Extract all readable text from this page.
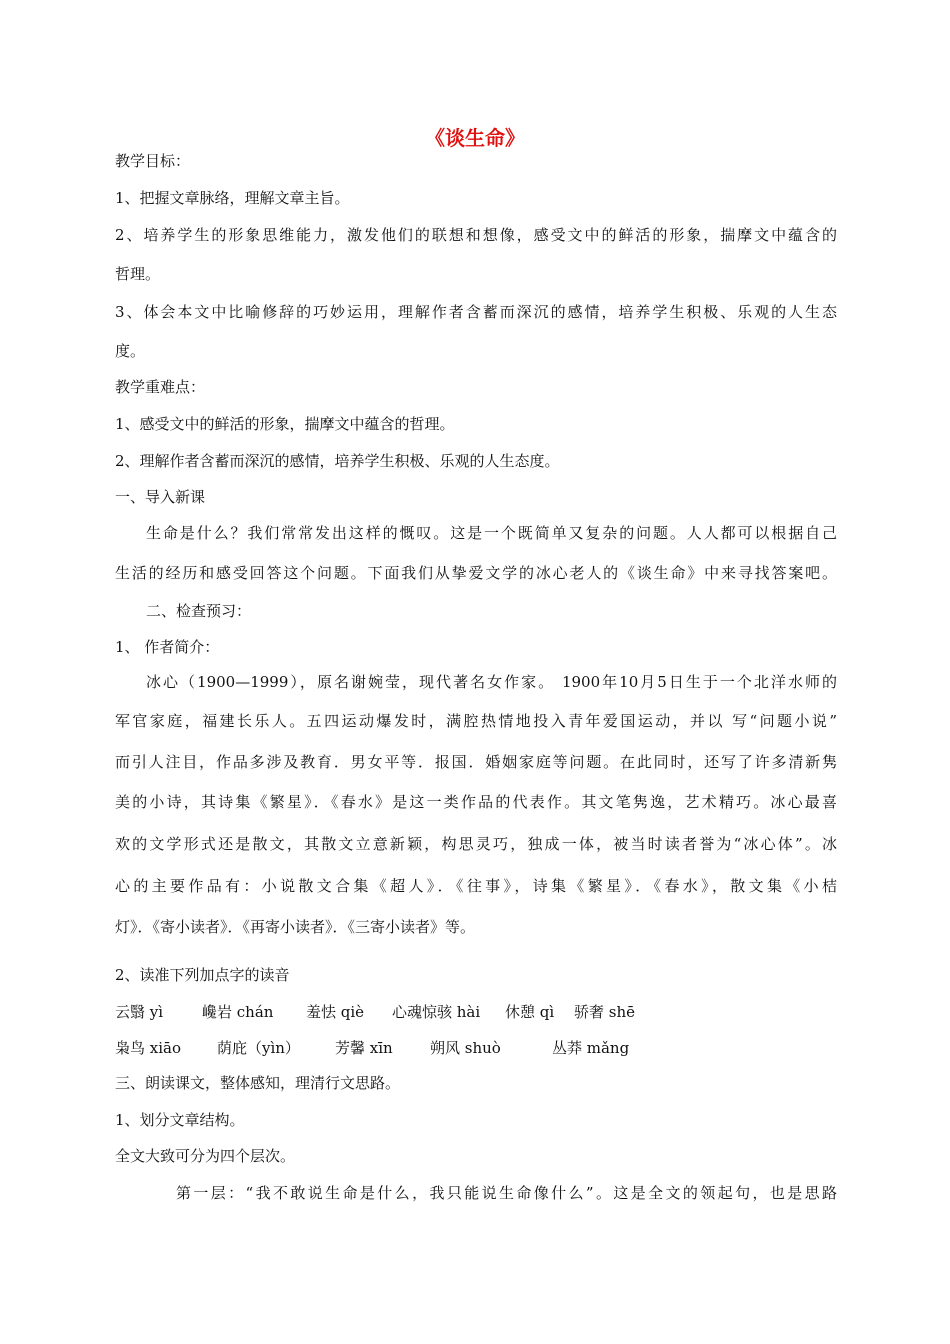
《谈生命》
教学目标：
1、把握文章脉络，理解文章主旨。
2、培养学生的形象思维能力，激发他们的联想和想像，感受文中的鲜活的形象，揣摩文中蕴含的
哲理。
3、体会本文中比喻修辞的巧妙运用，理解作者含蓄而深沉的感情，培养学生积极、乐观的人生态
度。
教学重难点：
1、感受文中的鲜活的形象，揣摩文中蕴含的哲理。
2、理解作者含蓄而深沉的感情，培养学生积极、乐观的人生态度。
一、导入新课
生命是什么？我们常常发出这样的慨叹。这是一个既简单又复杂的问题。人人都可以根据自己
生活的经历和感受回答这个问题。下面我们从挚爱文学的冰心老人的《谈生命》中来寻找答案吧。
二、检查预习：
1、 作者简介：
冰心（1900—1999），原名谢婉莹，现代著名女作家。 1900年10月5日生于一个北洋水师的
军官家庭，福建长乐人。五四运动爆发时，满腔热情地投入青年爱国运动，并以 写“问题小说”
而引人注目，作品多涉及教育．男女平等．报国．婚姻家庭等问题。在此同时，还写了许多清新隽
美的小诗，其诗集《繁星》．《春水》是这一类作品的代表作。其文笔隽逸，艺术精巧。冰心最喜
欢的文学形式还是散文，其散文立意新颖，构思灵巧，独成一体，被当时读者誉为“冰心体”。冰
心的主要作品有：小说散文合集《超人》．《往事》，诗集《繁星》．《春水》，散文集《小桔
灯》．《寄小读者》．《再寄小读者》．《三寄小读者》等。
2、读准下列加点字的读音
云翳 yì	巉岩 chán 羞怯 qiè 心魂惊骇 hài 休憩 qì 骄奢 shē
枭鸟 xiāo 荫庇（yìn） 芳馨 xīn 朔风 shuò	丛莽 mǎng
三、朗读课文，整体感知，理清行文思路。
1、划分文章结构。
全文大致可分为四个层次。
第一层：“我不敢说生命是什么，我只能说生命像什么”。这是全文的领起句，也是思路
